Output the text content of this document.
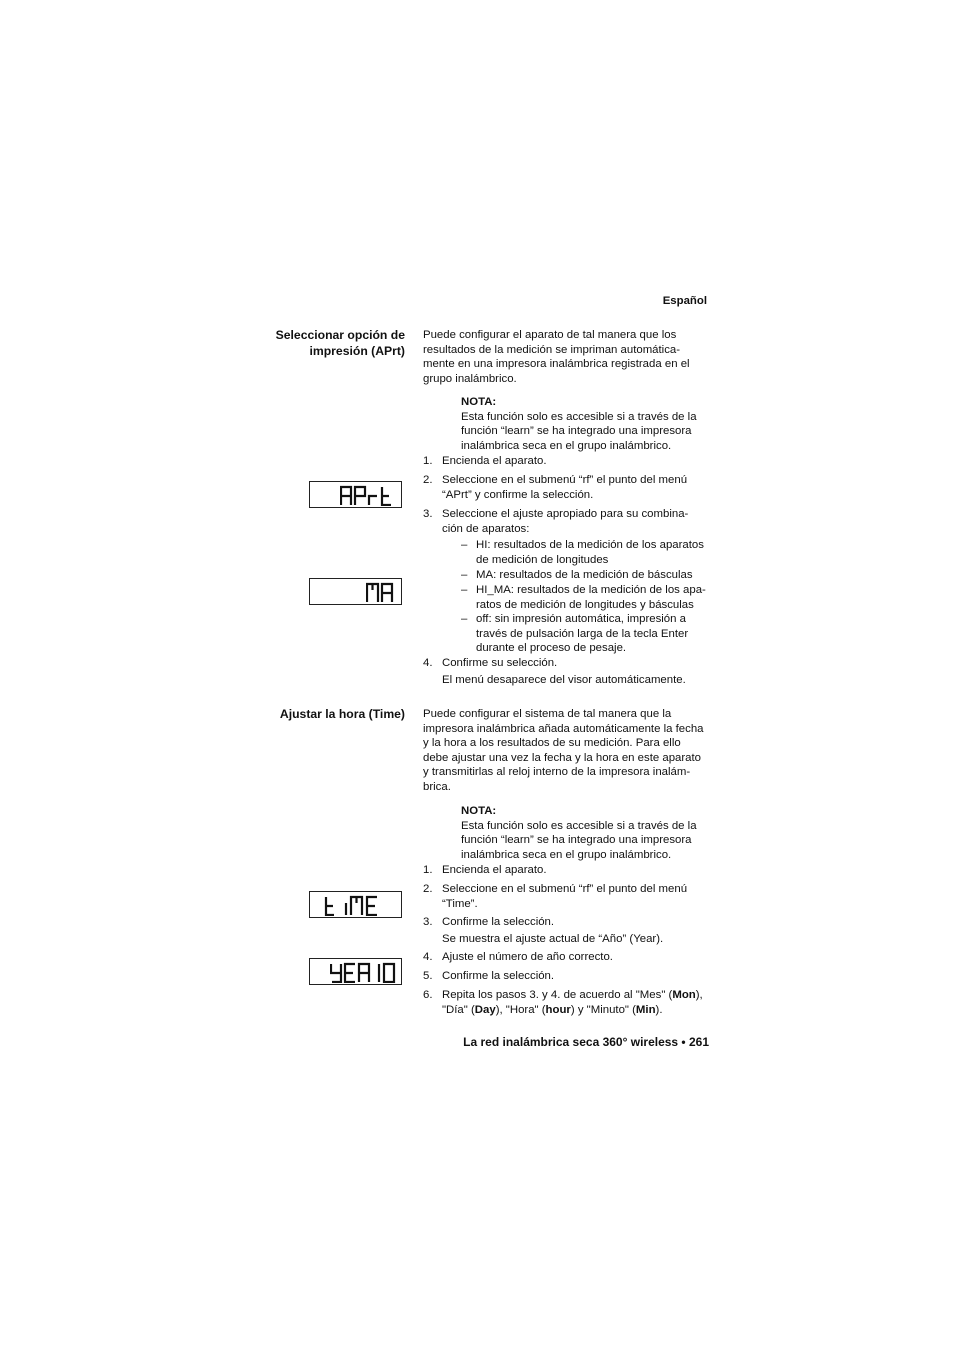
Español
Seleccionar opción de
impresión (APrt)
Puede configurar el aparato de tal manera que los
resultados de la medición se impriman automática-
mente en una impresora inalámbrica registrada en el
grupo inalámbrico.
NOTA:
Esta función solo es accesible si a través de la
función “learn” se ha integrado una impresora
inalámbrica seca en el grupo inalámbrico.
1. Encienda el aparato.
2. Seleccione en el submenú “rf” el punto del menú
“APrt” y confirme la selección.
3. Seleccione el ajuste apropiado para su combina-
ción de aparatos:
– HI: resultados de la medición de los aparatos
de medición de longitudes
– MA: resultados de la medición de básculas
– HI_MA: resultados de la medición de los apa-
ratos de medición de longitudes y básculas
– off: sin impresión automática, impresión a
través de pulsación larga de la tecla Enter
durante el proceso de pesaje.
4. Confirme su selección.
El menú desaparece del visor automáticamente.
Ajustar la hora (Time) Puede configurar el sistema de tal manera que la
impresora inalámbrica añada automáticamente la fecha
y la hora a los resultados de su medición. Para ello
debe ajustar una vez la fecha y la hora en este aparato
y transmitirlas al reloj interno de la impresora inalám-
brica.
NOTA:
Esta función solo es accesible si a través de la
función “learn” se ha integrado una impresora
inalámbrica seca en el grupo inalámbrico.
1. Encienda el aparato.
2. Seleccione en el submenú “rf” el punto del menú
“Time”.
3. Confirme la selección.
Se muestra el ajuste actual de “Año” (Year).
4. Ajuste el número de año correcto.
5. Confirme la selección.
6. Repita los pasos 3. y 4. de acuerdo al "Mes" (Mon),
"Día" (Day), "Hora" (hour) y "Minuto" (Min).
La red inalámbrica seca 360° wireless • 261
